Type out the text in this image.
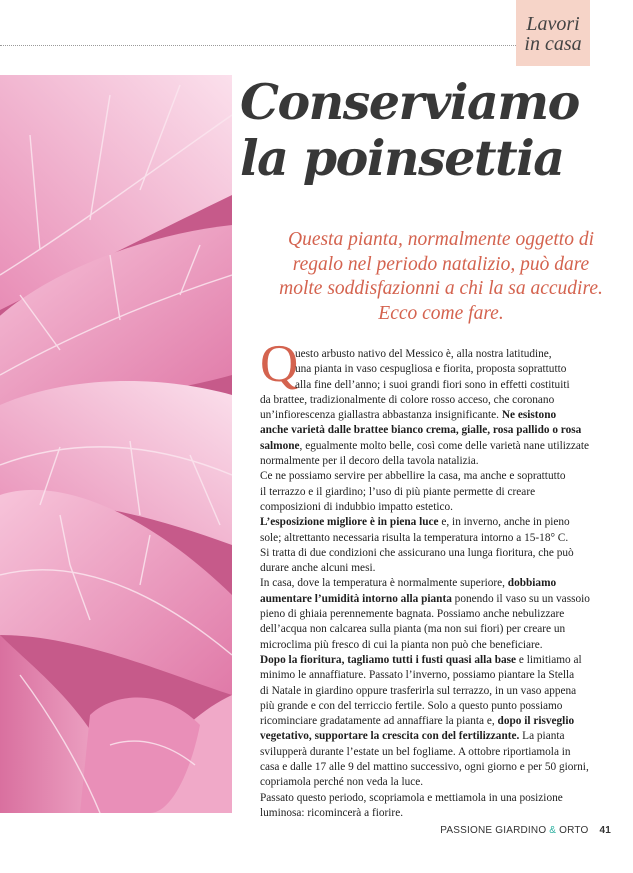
Lavori
in casa
Conserviamo
la poinsettia

Questa pianta, normalmente oggetto di
regalo nel periodo natalizio, può dare
molte soddisfazionni a chi la sa accudire.
Ecco come fare.

Q

uesto arbusto nativo del Messico è, alla nostra latitudine,

una pianta in vaso cespugliosa e fiorita, proposta soprattutto

alla fine dell’anno; i suoi grandi fiori sono in effetti costituiti

da brattee, tradizionalmente di colore rosso acceso, che coronano

un’infiorescenza giallastra abbastanza insignificante. Ne esistono

anche varietà dalle brattee bianco crema, gialle, rosa pallido o rosa

salmone, egualmente molto belle, così come delle varietà nane utilizzate

normalmente per il decoro della tavola natalizia.

Ce ne possiamo servire per abbellire la casa, ma anche e soprattutto

il terrazzo e il giardino; l’uso di più piante permette di creare

composizioni di indubbio impatto estetico.

L’esposizione migliore è in piena luce e, in inverno, anche in pieno

sole; altrettanto necessaria risulta la temperatura intorno a 15-18° C.

Si tratta di due condizioni che assicurano una lunga fioritura, che può

durare anche alcuni mesi.

In casa, dove la temperatura è normalmente superiore, dobbiamo

aumentare l’umidità intorno alla pianta ponendo il vaso su un vassoio

pieno di ghiaia perennemente bagnata. Possiamo anche nebulizzare

dell’acqua non calcarea sulla pianta (ma non sui fiori) per creare un

microclima più fresco di cui la pianta non può che beneficiare.

Dopo la fioritura, tagliamo tutti i fusti quasi alla base e limitiamo al

minimo le annaffiature. Passato l’inverno, possiamo piantare la Stella

di Natale in giardino oppure trasferirla sul terrazzo, in un vaso appena

più grande e con del terriccio fertile. Solo a questo punto possiamo

ricominciare gradatamente ad annaffiare la pianta e, dopo il risveglio

vegetativo, supportare la crescita con del fertilizzante. La pianta

svilupperà durante l’estate un bel fogliame. A ottobre riportiamola in

casa e dalle 17 alle 9 del mattino successivo, ogni giorno e per 50 giorni,

copriamola perché non veda la luce.

Passato questo periodo, scopriamola e mettiamola in una posizione

luminosa: ricomincerà a fiorire.

PASSIONE GIARDINO & ORTO 41
